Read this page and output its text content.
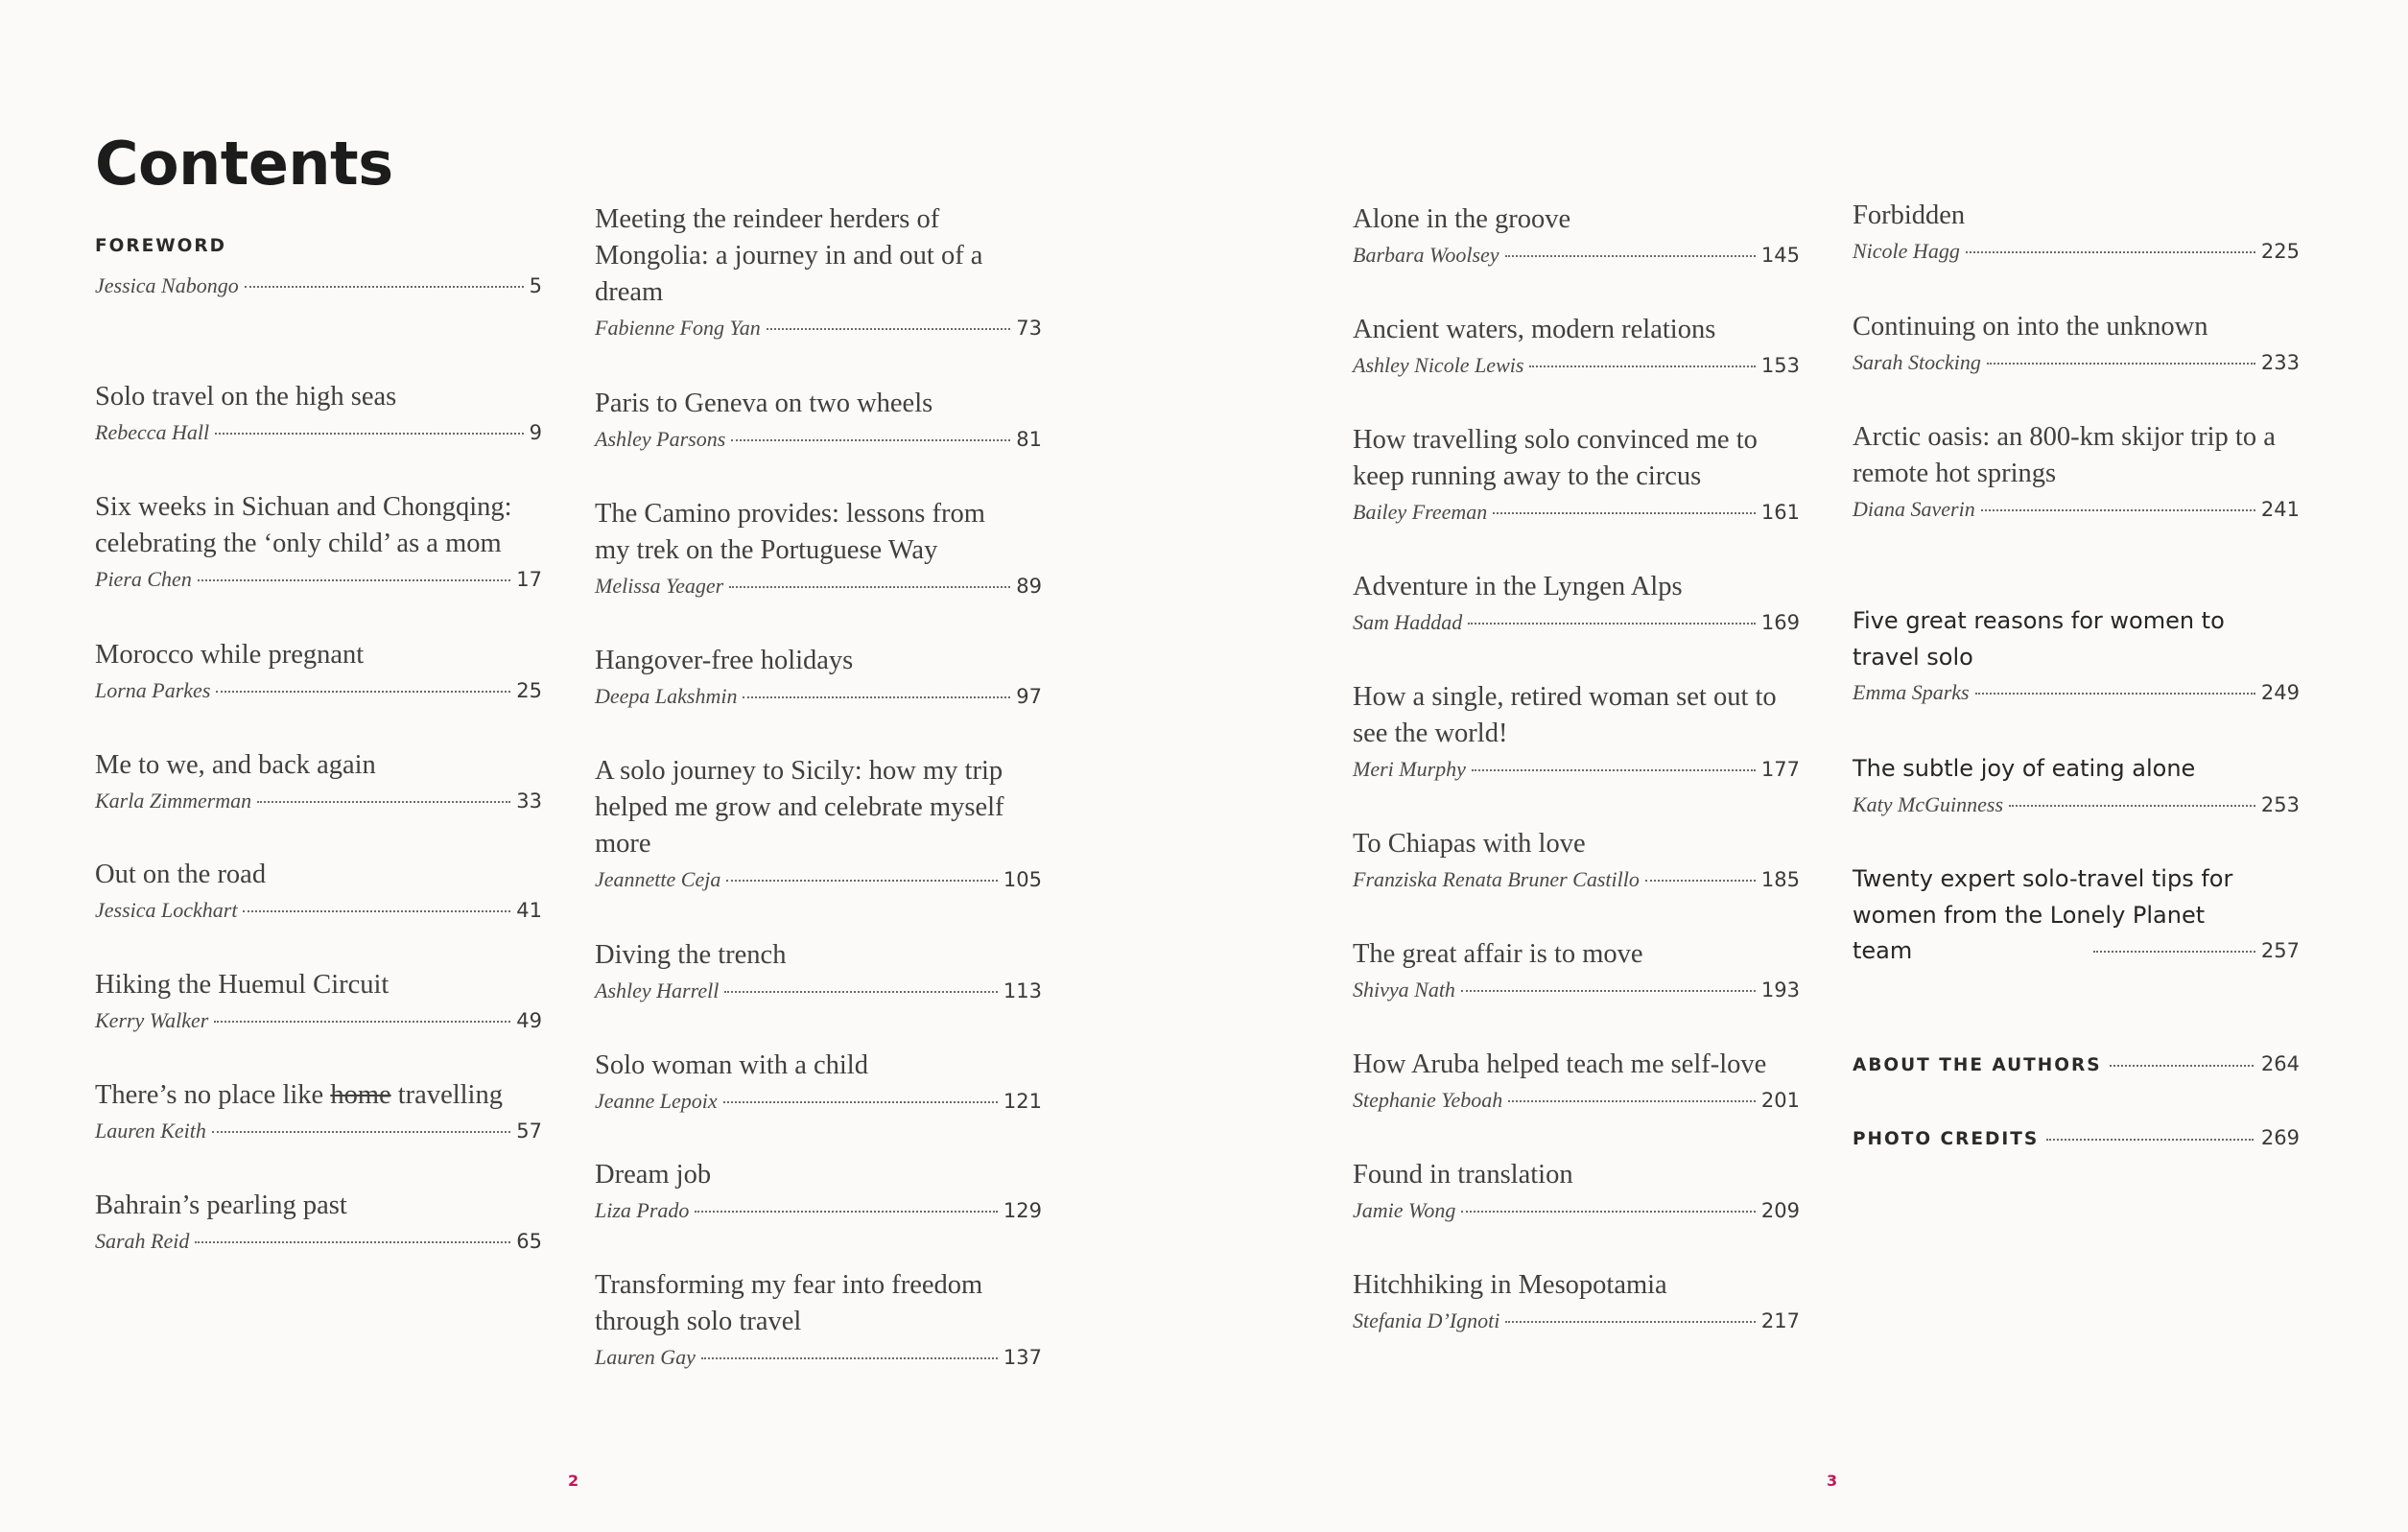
Contents
FOREWORD
Jessica Nabongo	5

Solo travel on the high seas

Rebecca Hall	9

Six weeks in Sichuan and Chongqing: celebrating the ‘only child’ as a mom

Piera Chen	17

Morocco while pregnant

Lorna Parkes	25

Me to we, and back again

Karla Zimmerman	33

Out on the road

Jessica Lockhart	41

Hiking the Huemul Circuit

Kerry Walker	49

There’s no place like home travelling

Lauren Keith	57

Bahrain’s pearling past

Sarah Reid	65

Meeting the reindeer herders of Mongolia: a journey in and out of a dream

Fabienne Fong Yan	73

Paris to Geneva on two wheels

Ashley Parsons	81

The Camino provides: lessons from my trek on the Portuguese Way

Melissa Yeager	89

Hangover-free holidays

Deepa Lakshmin	97

A solo journey to Sicily: how my trip helped me grow and celebrate myself more

Jeannette Ceja	105

Diving the trench

Ashley Harrell	113

Solo woman with a child

Jeanne Lepoix	121

Dream job

Liza Prado	129

Transforming my fear into freedom through solo travel

Lauren Gay	137

Alone in the groove

Barbara Woolsey	145

Ancient waters, modern relations

Ashley Nicole Lewis	153

How travelling solo convinced me to keep running away to the circus

Bailey Freeman	161

Adventure in the Lyngen Alps

Sam Haddad	169

How a single, retired woman set out to see the world!

Meri Murphy	177

To Chiapas with love

Franziska Renata Bruner Castillo	185

The great affair is to move

Shivya Nath	193

How Aruba helped teach me self-love

Stephanie Yeboah	201

Found in translation

Jamie Wong	209

Hitchhiking in Mesopotamia

Stefania D’Ignoti	217

Forbidden

Nicole Hagg	225

Continuing on into the unknown

Sarah Stocking	233

Arctic oasis: an 800-km skijor trip to a remote hot springs

Diana Saverin	241

Five great reasons for women to travel solo

Emma Sparks	249

The subtle joy of eating alone

Katy McGuinness	253

Twenty expert solo-travel tips for women from the Lonely Planet team	257
ABOUT THE AUTHORS	264
PHOTO CREDITS	269
2	3
